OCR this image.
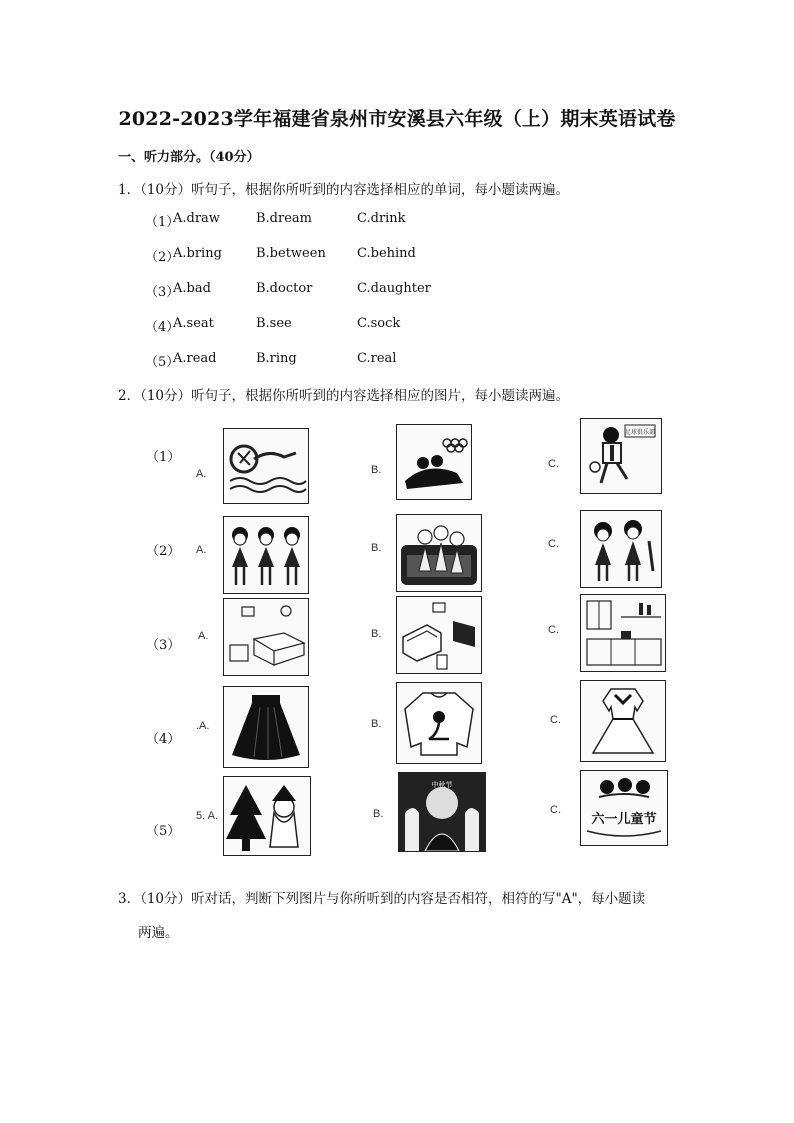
2022-2023学年福建省泉州市安溪县六年级（上）期末英语试卷
一、听力部分。（40分）
1．（10分）听句子，根据你所听到的内容选择相应的单词，每小题读两遍。
（1）
A.draw	B.dream	C.drink
（2）
A.bring	B.between C.behind
（3）
A.bad	B.doctor	C.daughter
（4）
A.seat	B.see	C.sock
（5）
A.read	B.ring	C.real
2．（10分）听句子，根据你所听到的内容选择相应的图片，每小题读两遍。
（1）
A.	B.	C.
足球俱乐部
（2） A.	B.	C.
（3）
A.	B.	C.
（4）
.A.	B.	C.
（5）
5. A.	B.
中秋节
C.
六一儿童节
3．（10分）听对话，判断下列图片与你所听到的内容是否相符，相符的写"A"，每小题读
两遍。
